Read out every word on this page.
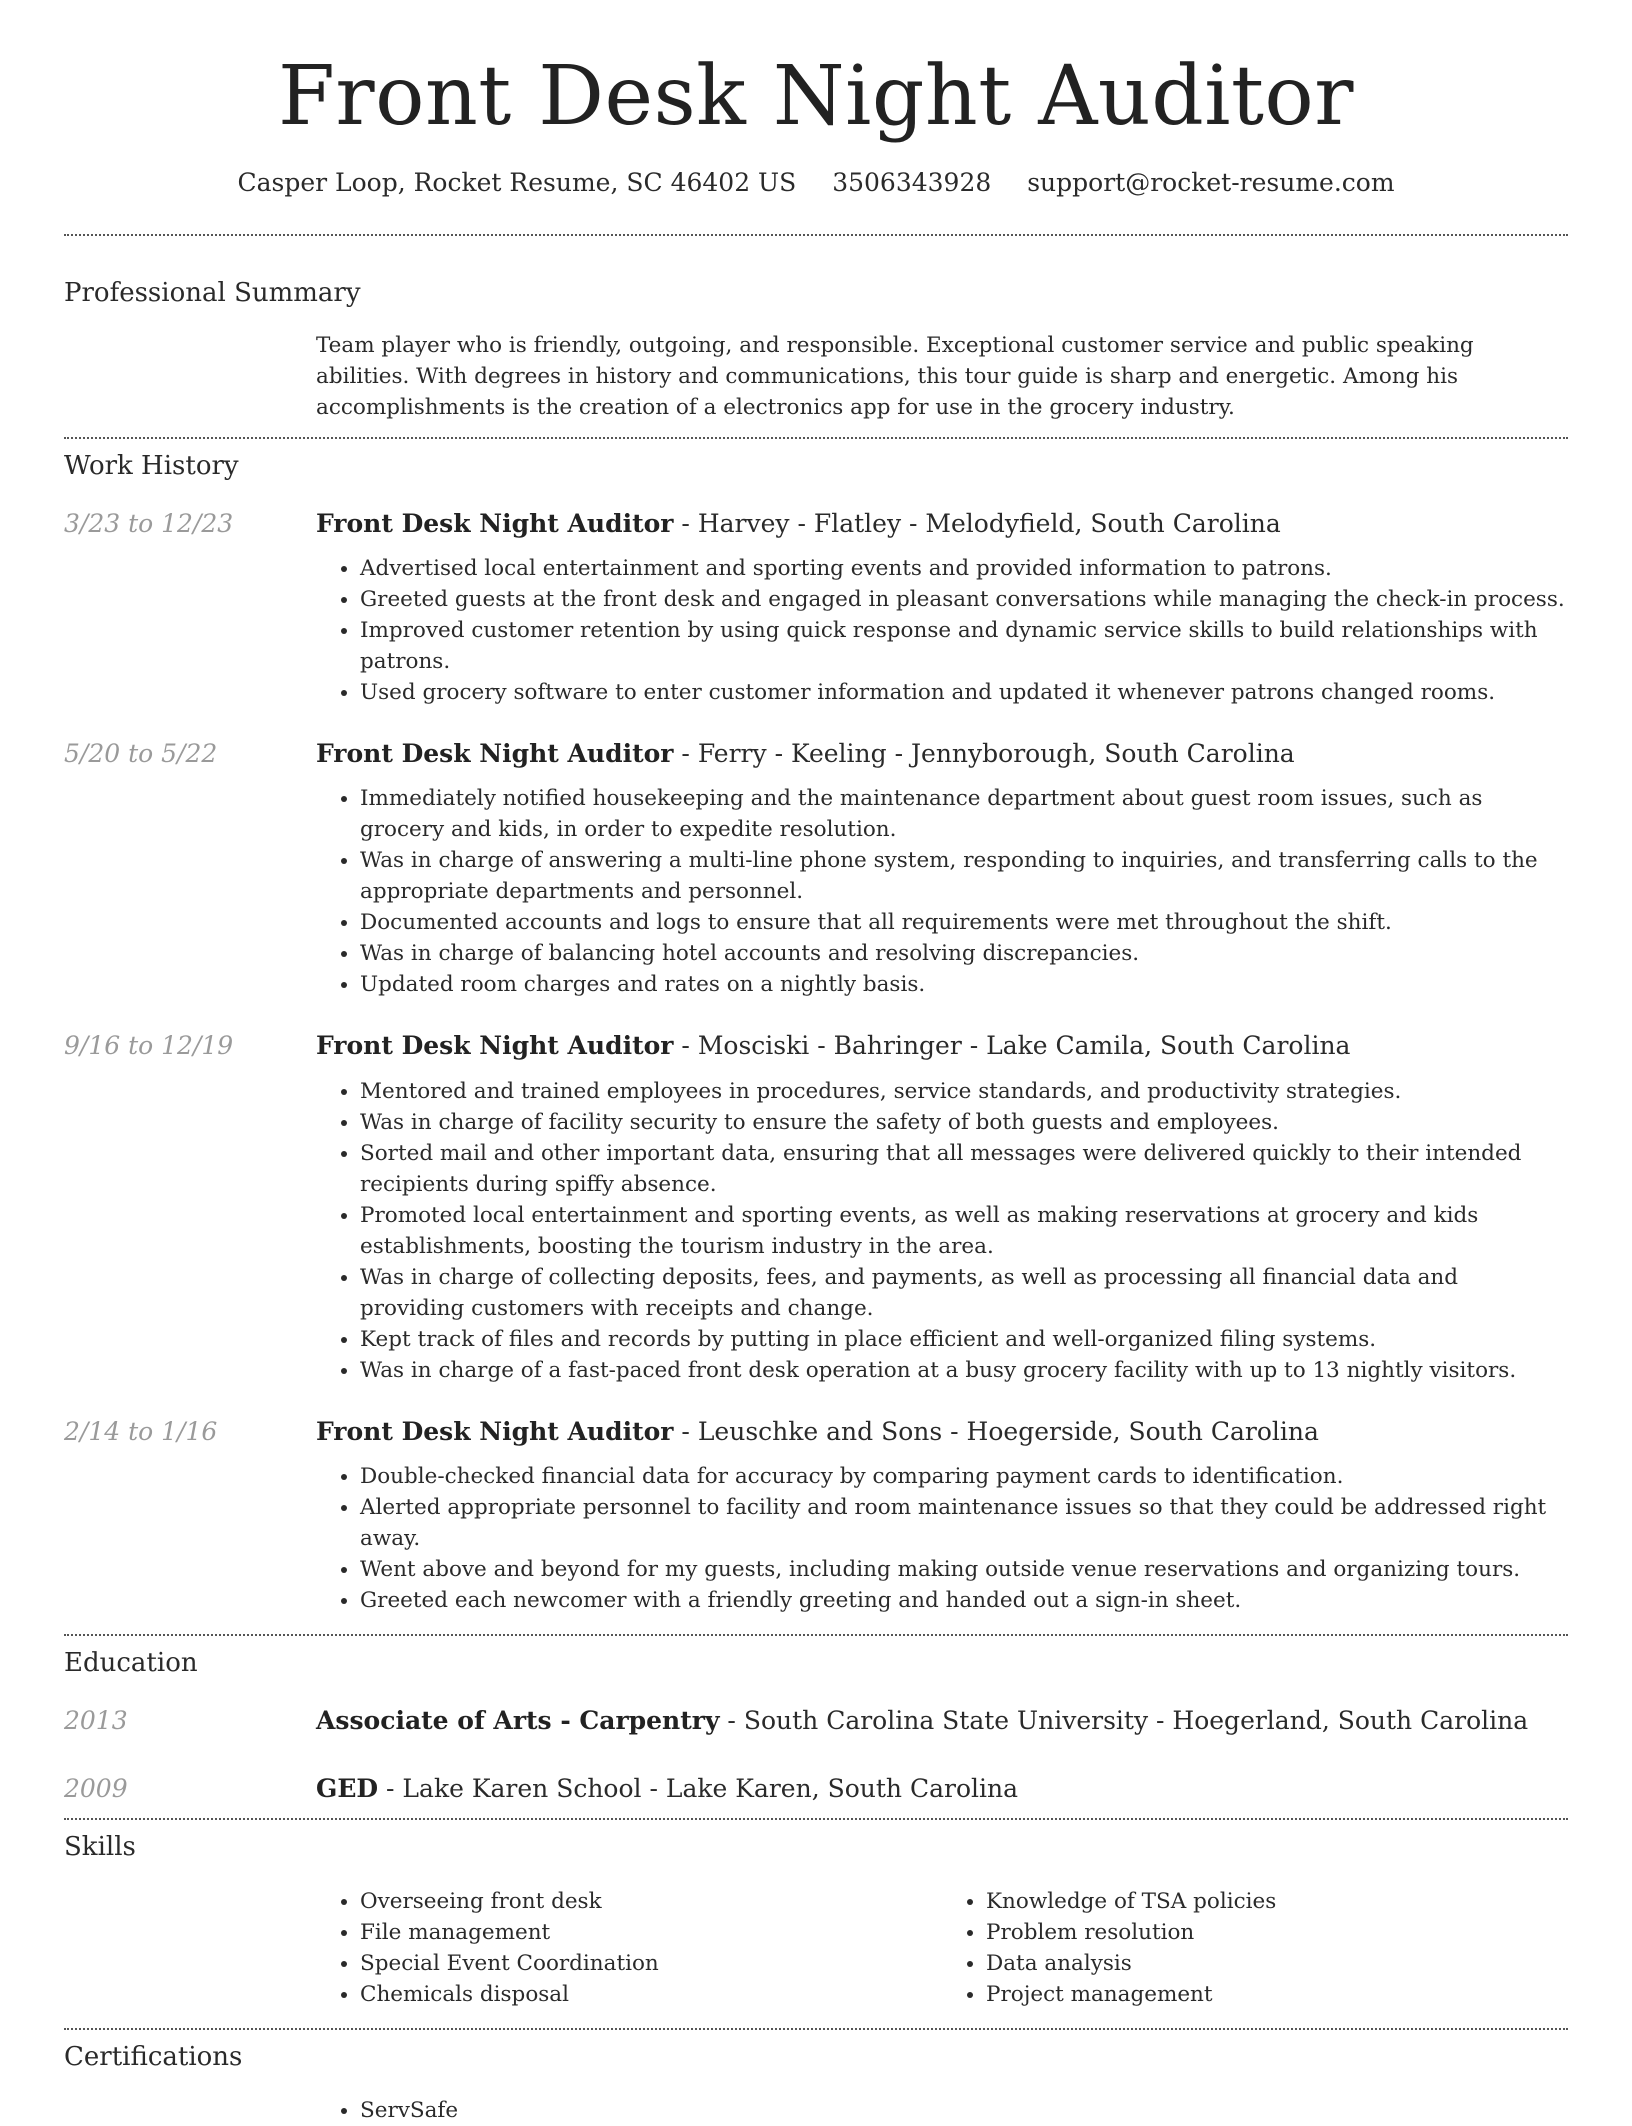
Front Desk Night Auditor
Casper Loop, Rocket Resume, SC 46402 US 3506343928 support@rocket-resume.com
Professional Summary
Team player who is friendly, outgoing, and responsible. Exceptional customer service and public speaking abilities. With degrees in history and communications, this tour guide is sharp and energetic. Among his accomplishments is the creation of a electronics app for use in the grocery industry.
Work History
3/23 to 12/23	Front Desk Night Auditor - Harvey - Flatley - Melodyfield, South Carolina
• Advertised local entertainment and sporting events and provided information to patrons.
• Greeted guests at the front desk and engaged in pleasant conversations while managing the check-in process.
• Improved customer retention by using quick response and dynamic service skills to build relationships with patrons.
• Used grocery software to enter customer information and updated it whenever patrons changed rooms.
5/20 to 5/22	Front Desk Night Auditor - Ferry - Keeling - Jennyborough, South Carolina
• Immediately notified housekeeping and the maintenance department about guest room issues, such as grocery and kids, in order to expedite resolution.
• Was in charge of answering a multi-line phone system, responding to inquiries, and transferring calls to the appropriate departments and personnel.
• Documented accounts and logs to ensure that all requirements were met throughout the shift.
• Was in charge of balancing hotel accounts and resolving discrepancies.
• Updated room charges and rates on a nightly basis.
9/16 to 12/19	Front Desk Night Auditor - Mosciski - Bahringer - Lake Camila, South Carolina
• Mentored and trained employees in procedures, service standards, and productivity strategies.
• Was in charge of facility security to ensure the safety of both guests and employees.
• Sorted mail and other important data, ensuring that all messages were delivered quickly to their intended recipients during spiffy absence.
• Promoted local entertainment and sporting events, as well as making reservations at grocery and kids establishments, boosting the tourism industry in the area.
• Was in charge of collecting deposits, fees, and payments, as well as processing all financial data and providing customers with receipts and change.
• Kept track of files and records by putting in place efficient and well-organized filing systems.
• Was in charge of a fast-paced front desk operation at a busy grocery facility with up to 13 nightly visitors.
2/14 to 1/16	Front Desk Night Auditor - Leuschke and Sons - Hoegerside, South Carolina
• Double-checked financial data for accuracy by comparing payment cards to identification.
• Alerted appropriate personnel to facility and room maintenance issues so that they could be addressed right away.
• Went above and beyond for my guests, including making outside venue reservations and organizing tours.
• Greeted each newcomer with a friendly greeting and handed out a sign-in sheet.
Education
2013	Associate of Arts - Carpentry - South Carolina State University - Hoegerland, South Carolina
2009	GED - Lake Karen School - Lake Karen, South Carolina
Skills
• Overseeing front desk
• File management
• Special Event Coordination
• Chemicals disposal
• Knowledge of TSA policies
• Problem resolution
• Data analysis
• Project management
Certifications
• ServSafe
